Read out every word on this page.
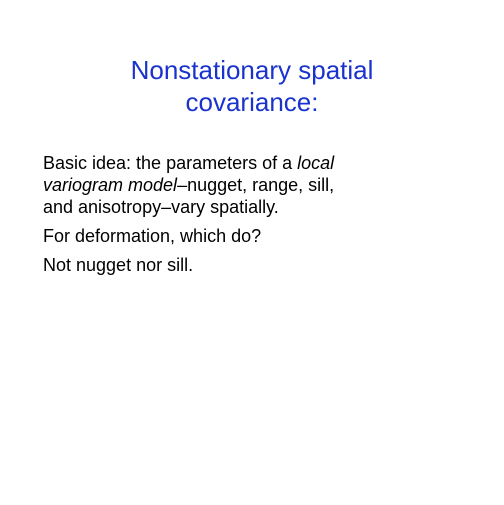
Nonstationary spatial
covariance:
Basic idea: the parameters of a local
variogram model–nugget, range, sill,
and anisotropy–vary spatially.
For deformation, which do?
Not nugget nor sill.
